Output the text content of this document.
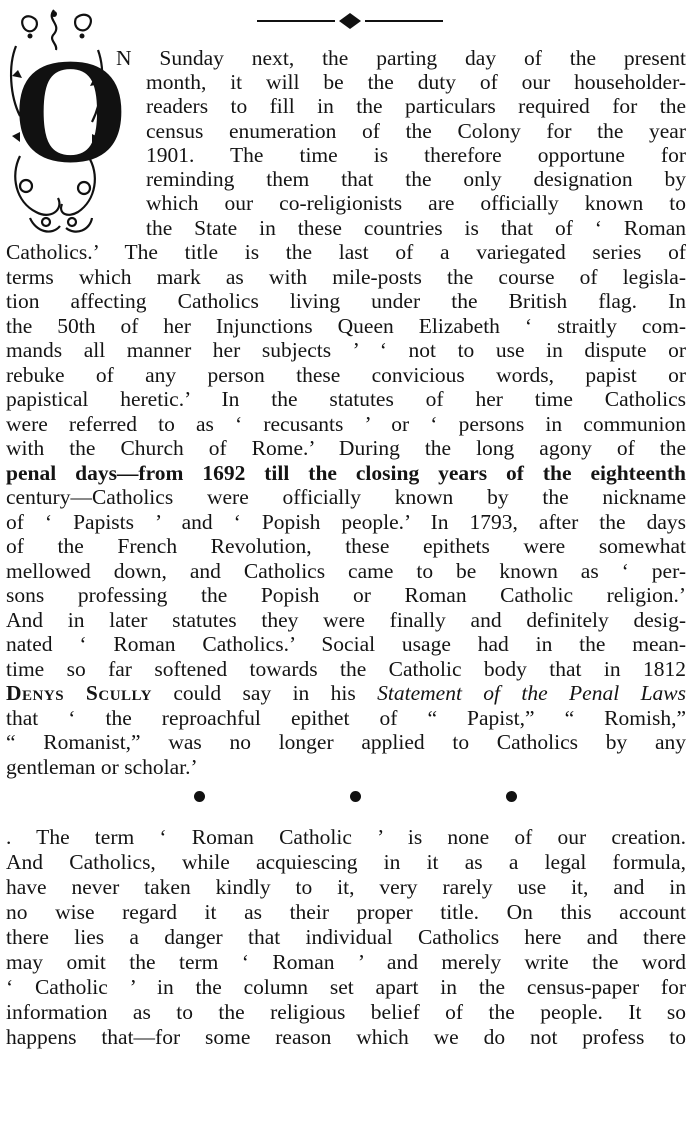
O
N Sunday next, the parting day of the present
month, it will be the duty of our householder-
readers to fill in the particulars required for the
census enumeration of the Colony for the year
1901. The time is therefore opportune for
reminding them that the only designation by
which our co-religionists are officially known to
the State in these countries is that of ‘ Roman
Catholics.’ The title is the last of a variegated series of
terms which mark as with mile-posts the course of legisla-
tion affecting Catholics living under the British flag. In
the 50th of her Injunctions Queen Elizabeth ‘ straitly com-
mands all manner her subjects ’ ‘ not to use in dispute or
rebuke of any person these convicious words, papist or
papistical heretic.’ In the statutes of her time Catholics
were referred to as ‘ recusants ’ or ‘ persons in communion
with the Church of Rome.’ During the long agony of the
penal days—from 1692 till the closing years of the eighteenth
century—Catholics were officially known by the nickname
of ‘ Papists ’ and ‘ Popish people.’ In 1793, after the days
of the French Revolution, these epithets were somewhat
mellowed down, and Catholics came to be known as ‘ per-
sons professing the Popish or Roman Catholic religion.’
And in later statutes they were finally and definitely desig-
nated ‘ Roman Catholics.’ Social usage had in the mean-
time so far softened towards the Catholic body that in 1812
Denys Scully could say in his Statement of the Penal Laws
that ‘ the reproachful epithet of “ Papist,” “ Romish,”
“ Romanist,” was no longer applied to Catholics by any
gentleman or scholar.’
. The term ‘ Roman Catholic ’ is none of our creation.
And Catholics, while acquiescing in it as a legal formula,
have never taken kindly to it, very rarely use it, and in
no wise regard it as their proper title. On this account
there lies a danger that individual Catholics here and there
may omit the term ‘ Roman ’ and merely write the word
‘ Catholic ’ in the column set apart in the census-paper for
information as to the religious belief of the people. It so
happens that—for some reason which we do not profess to
